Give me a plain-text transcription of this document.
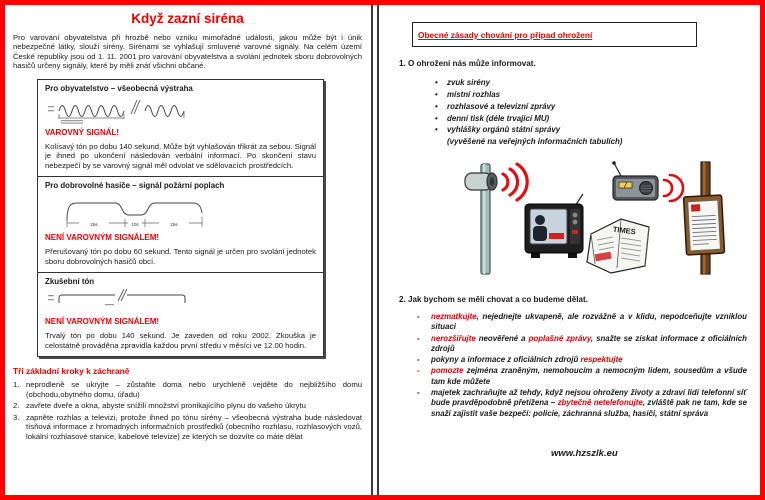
Když zazní siréna

Pro varování obyvatelstva při hrozbě nebo vzniku mimořádné události, jakou může být i únik nebezpečné látky, slouží sirény. Sirénami se vyhlašují smluvené varovné signály. Na celém území České republiky jsou od 1. 11. 2001 pro varování obyvatelstva a svolání jednotek sboru dobrovolných hasičů určeny signály, které by měli znát všichni občané.

Pro obyvatelstvo – všeobecná výstraha
VAROVNÝ SIGNÁL!

Kolísavý tón po dobu 140 sekund. Může být vyhlašován třikrát za sebou. Signál je ihned po ukončení následován verbální informací. Po skončení stavu nebezpečí by se varovný signál měl odvolat ve sdělovacích prostředcích.

Pro dobrovolné hasiče – signál požární poplach
25s	10s	25s
NENÍ VAROVNÝM SIGNÁLEM!

Přerušovaný tón po dobu 60 sekund. Tento signál je určen pro svolání jednotek sboru dobrovolných hasičů obcí.

Zkušební tón
NENÍ VAROVNÝM SIGNÁLEM!

Trvalý tón po dobu 140 sekund. Je zaveden od roku 2002. Zkouška je celostátně prováděna zpravidla každou první středu v měsíci ve 12.00 hodin.

Tři základní kroky k záchraně
1. neprodleně se ukryjte – zůstaňte doma nebo urychleně vejděte do nejbližšího domu (obchodu,obytného domu, úřadu)
2. zavřete dveře a okna, abyste snížili množství pronikajícího plynu do vašeho úkrytu
3. zapněte rozhlas a televizi, protože ihned po tónu sirény – všeobecná výstraha bude následovat tísňová informace z hromadných informačních prostředků (obecního rozhlasu, rozhlasových vozů, lokální rozhlasové stanice, kabelové televize) ze kterých se dozvíte co máte dělat
Obecné zásady chování pro případ ohrožení
1. O ohrožení nás může informovat.
•	zvuk sirény
•	místní rozhlas
•	rozhlasové a televizní zprávy
•	denní tisk (déle trvající MU)
•	vyhlášky orgánů státní správy
(vyvěšené na veřejných informačních tabulích)
TIMES
2. Jak bychom se měli chovat a co budeme dělat.
-	nezmatkujte, nejednejte ukvapeně, ale rozvážně a v klidu, nepodceňujte vzniklou situaci
-	nerozšiřujte neověřené a poplašné zprávy, snažte se získat informace z oficiálních zdrojů
-	pokyny a informace z oficiálních zdrojů respektujte
-	pomozte zejména zraněným, nemohoucím a nemocným lidem, sousedům a všude tam kde můžete
-	majetek zachraňujte až tehdy, když nejsou ohroženy životy a zdraví lidí telefonní síť bude pravděpodobně přetížena – zbytečně netelefonujte, zvláště pak ne tam, kde se snaží zajistit vaše bezpečí: policie, záchranná služba, hasiči, státní správa
www.hzszlk.eu
